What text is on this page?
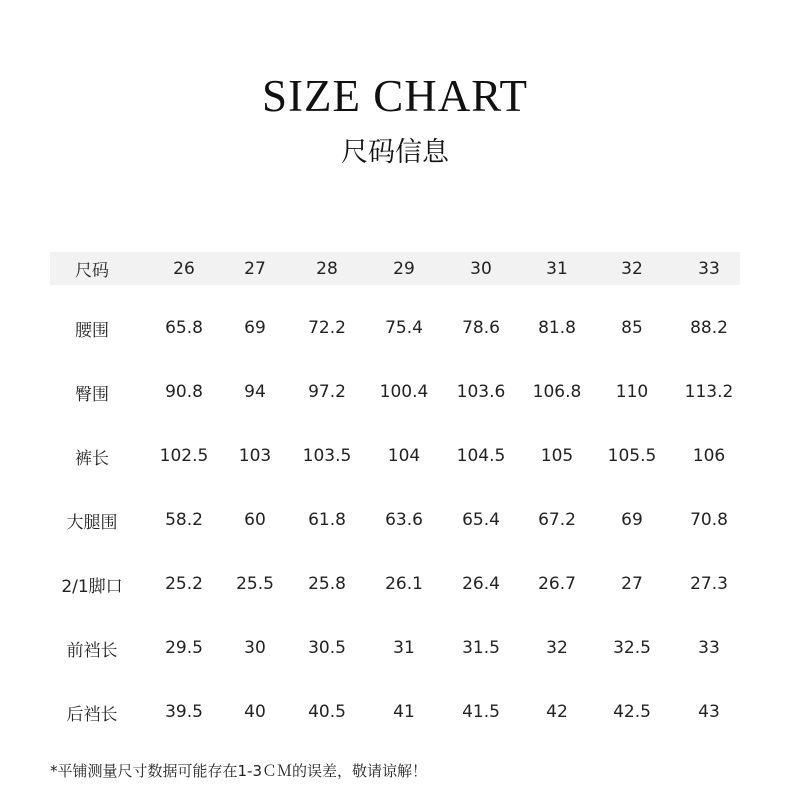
SIZE CHART
尺码信息
尺码	26	27	28	29	30	31	32	33
腰围	65.8	69	72.2	75.4	78.6	81.8	85	88.2
臀围	90.8	94	97.2	100.4	103.6	106.8	110	113.2
裤长	102.5	103	103.5	104	104.5	105	105.5	106
大腿围	58.2	60	61.8	63.6	65.4	67.2	69	70.8
2/1脚口	25.2	25.5	25.8	26.1	26.4	26.7	27	27.3
前裆长	29.5	30	30.5	31	31.5	32	32.5	33
后裆长	39.5	40	40.5	41	41.5	42	42.5	43
*平铺测量尺寸数据可能存在1-3ＣＭ的误差，敬请谅解！
